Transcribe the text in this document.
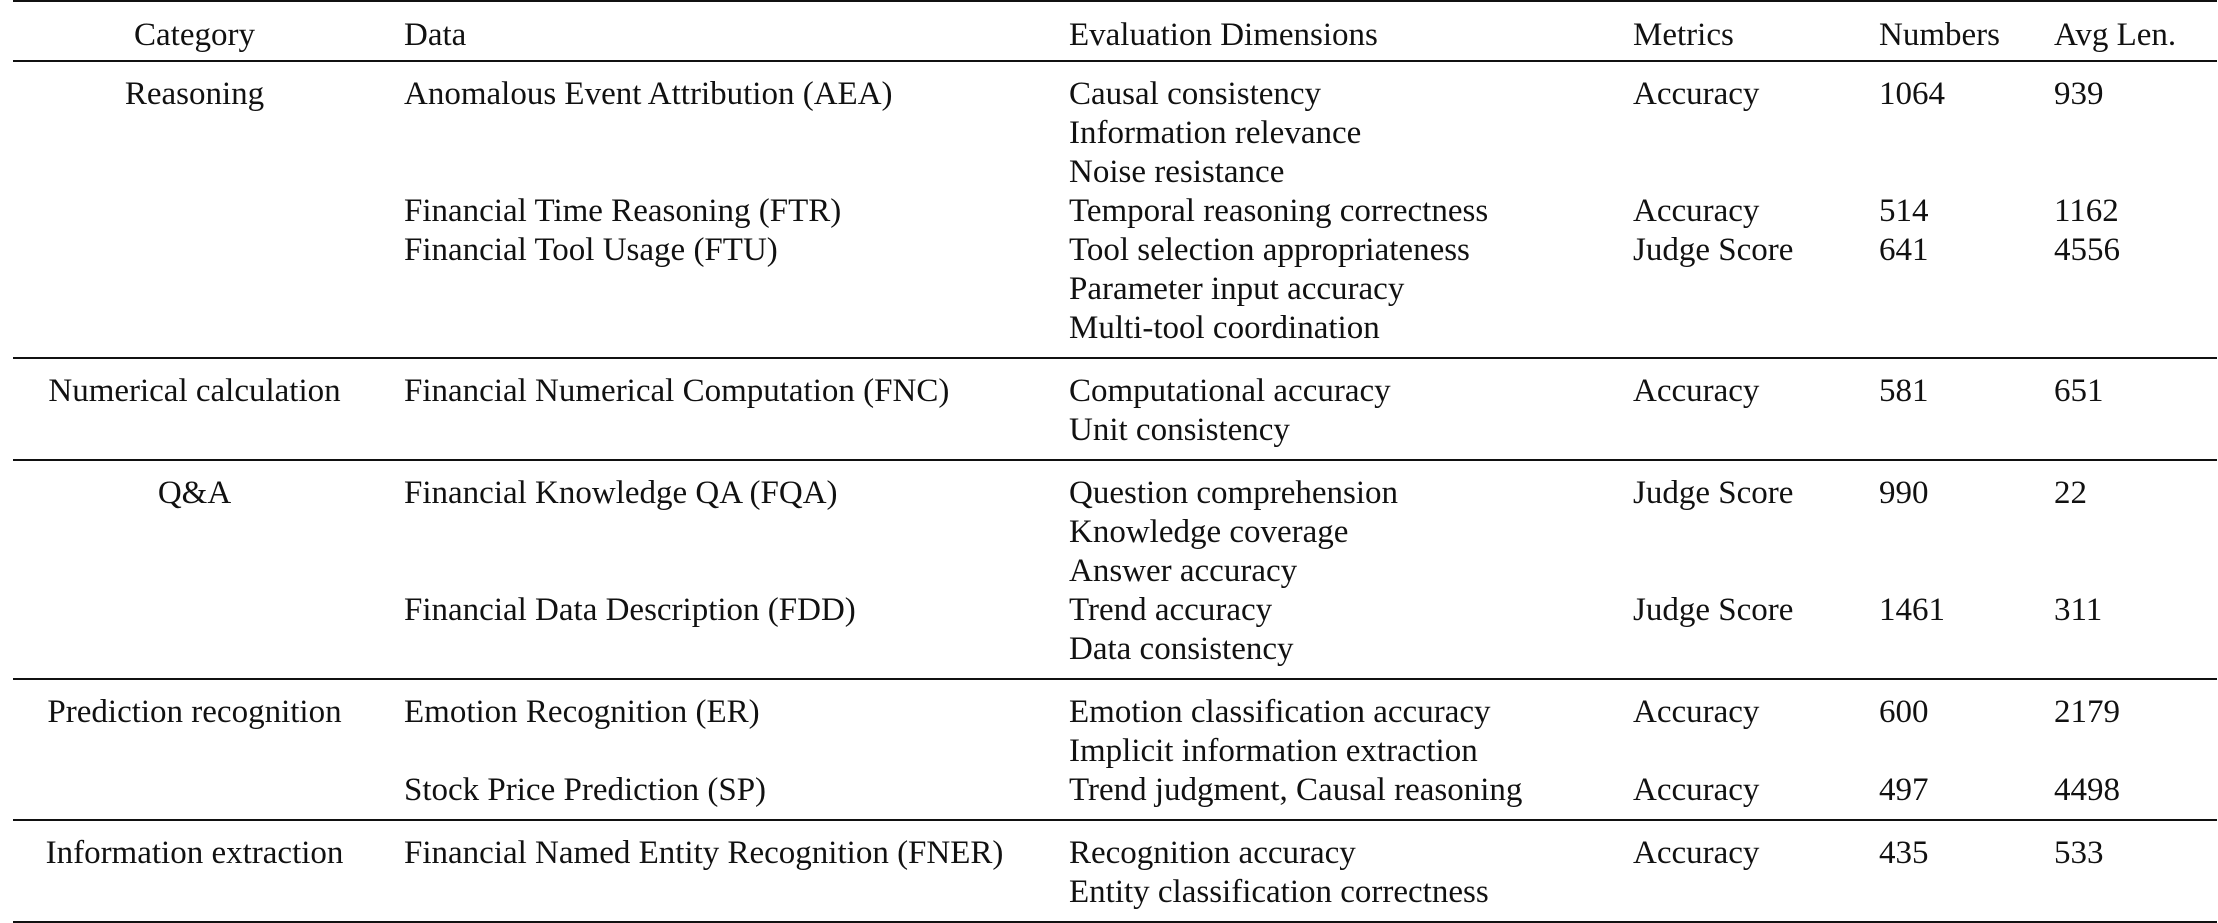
Category	Data	Evaluation Dimensions	Metrics	Numbers	Avg Len.
Reasoning	Anomalous Event Attribution (AEA)	Causal consistency
Information relevance
Noise resistance	Accuracy	1064	939
	Financial Time Reasoning (FTR)	Temporal reasoning correctness	Accuracy	514	1162
	Financial Tool Usage (FTU)	Tool selection appropriateness
Parameter input accuracy
Multi-tool coordination	Judge Score	641	4556
Numerical calculation	Financial Numerical Computation (FNC)	Computational accuracy
Unit consistency	Accuracy	581	651
Q&A	Financial Knowledge QA (FQA)	Question comprehension
Knowledge coverage
Answer accuracy	Judge Score	990	22
	Financial Data Description (FDD)	Trend accuracy
Data consistency	Judge Score	1461	311
Prediction recognition	Emotion Recognition (ER)	Emotion classification accuracy
Implicit information extraction	Accuracy	600	2179
	Stock Price Prediction (SP)	Trend judgment, Causal reasoning	Accuracy	497	4498
Information extraction	Financial Named Entity Recognition (FNER)	Recognition accuracy
Entity classification correctness	Accuracy	435	533
